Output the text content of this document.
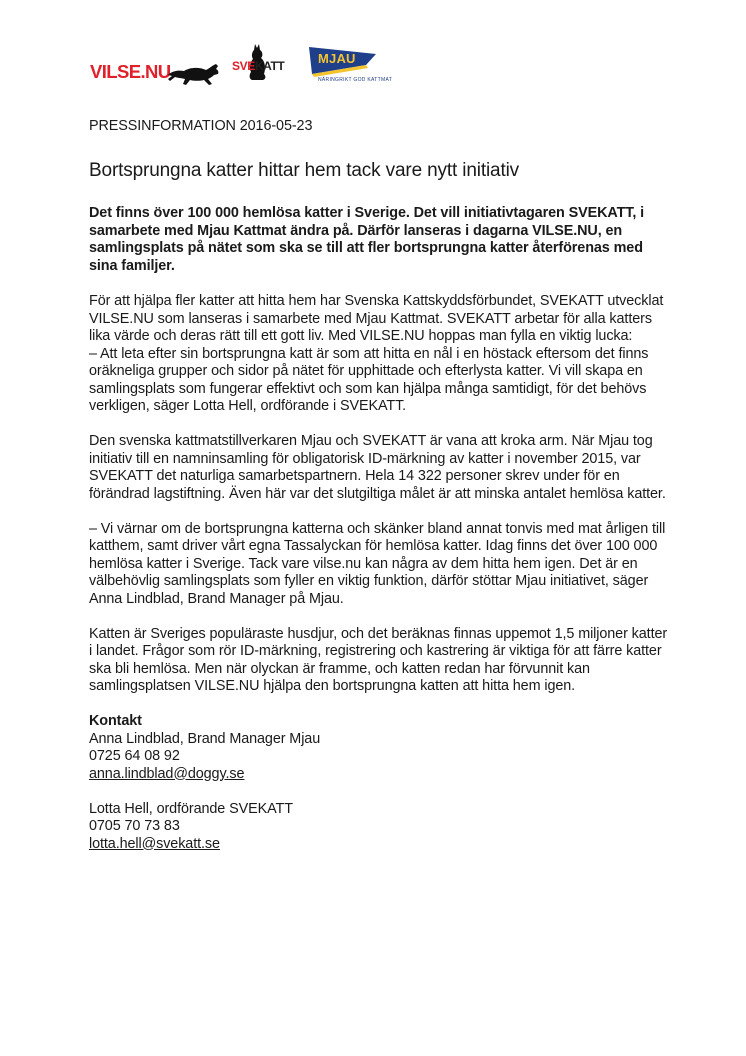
VILSE.NU	SVEKATT	MJAU
NÄRINGRIKT GOD KATTMAT

PRESSINFORMATION 2016-05-23

Bortsprungna katter hittar hem tack vare nytt initiativ

Det finns över 100 000 hemlösa katter i Sverige. Det vill initiativtagaren SVEKATT, i samarbete med Mjau Kattmat ändra på. Därför lanseras i dagarna VILSE.NU, en samlingsplats på nätet som ska se till att fler bortsprungna katter återförenas med sina familjer.

För att hjälpa fler katter att hitta hem har Svenska Kattskyddsförbundet, SVEKATT utvecklat VILSE.NU som lanseras i samarbete med Mjau Kattmat. SVEKATT arbetar för alla katters lika värde och deras rätt till ett gott liv. Med VILSE.NU hoppas man fylla en viktig lucka:

– Att leta efter sin bortsprungna katt är som att hitta en nål i en höstack eftersom det finns oräkneliga grupper och sidor på nätet för upphittade och efterlysta katter. Vi vill skapa en samlingsplats som fungerar effektivt och som kan hjälpa många samtidigt, för det behövs verkligen, säger Lotta Hell, ordförande i SVEKATT.

Den svenska kattmatstillverkaren Mjau och SVEKATT är vana att kroka arm. När Mjau tog initiativ till en namninsamling för obligatorisk ID-märkning av katter i november 2015, var SVEKATT det naturliga samarbetspartnern. Hela 14 322 personer skrev under för en förändrad lagstiftning. Även här var det slutgiltiga målet är att minska antalet hemlösa katter.

– Vi värnar om de bortsprungna katterna och skänker bland annat tonvis med mat årligen till katthem, samt driver vårt egna Tassalyckan för hemlösa katter. Idag finns det över 100 000 hemlösa katter i Sverige. Tack vare vilse.nu kan några av dem hitta hem igen. Det är en välbehövlig samlingsplats som fyller en viktig funktion, därför stöttar Mjau initiativet, säger Anna Lindblad, Brand Manager på Mjau.

Katten är Sveriges populäraste husdjur, och det beräknas finnas uppemot 1,5 miljoner katter i landet. Frågor som rör ID-märkning, registrering och kastrering är viktiga för att färre katter ska bli hemlösa. Men när olyckan är framme, och katten redan har förvunnit kan samlingsplatsen VILSE.NU hjälpa den bortsprungna katten att hitta hem igen.

Kontakt
Anna Lindblad, Brand Manager Mjau
0725 64 08 92
anna.lindblad@doggy.se
Lotta Hell, ordförande SVEKATT
0705 70 73 83
lotta.hell@svekatt.se
